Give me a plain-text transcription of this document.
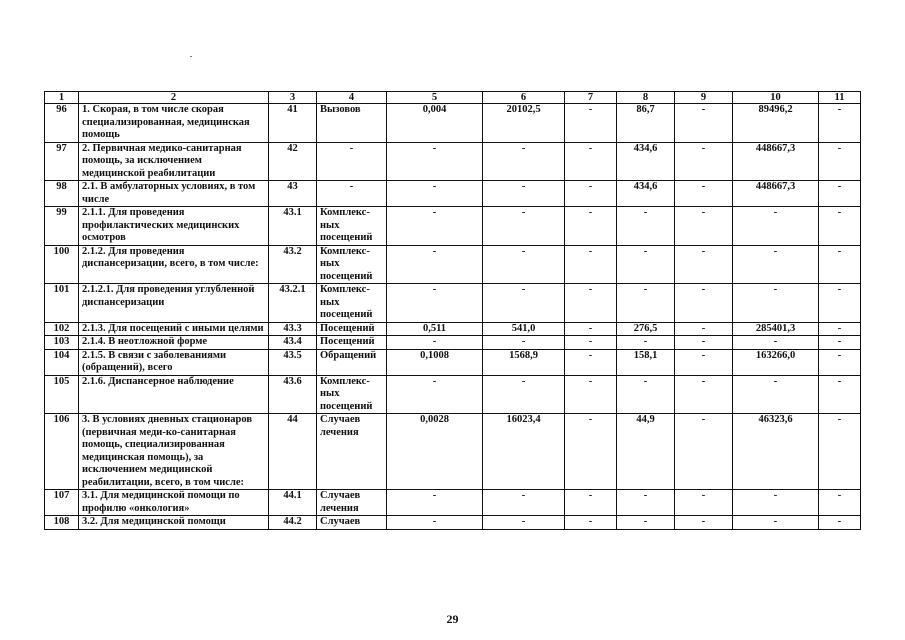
1	2	3	4	5	6	7	8	9	10	11
96	1. Скорая, в том числе скорая специализированная, медицинская помощь	41	Вызовов	0,004	20102,5	-	86,7	-	89496,2	-
97	2. Первичная медико-санитарная помощь, за исключением медицинской реабилитации	42	-	-	-	-	434,6	-	448667,3	-
98	2.1. В амбулаторных условиях, в том числе	43	-	-	-	-	434,6	-	448667,3	-
99	2.1.1. Для проведения профилактических медицинских осмотров	43.1	Комплекс-ных посещений	-	-	-	-	-	-	-
100	2.1.2. Для проведения диспансеризации, всего, в том числе:	43.2	Комплекс-ных посещений	-	-	-	-	-	-	-
101	2.1.2.1. Для проведения углубленной диспансеризации	43.2.1	Комплекс-ных посещений	-	-	-	-	-	-	-
102	2.1.3. Для посещений с иными целями	43.3	Посещений	0,511	541,0	-	276,5	-	285401,3	-
103	2.1.4. В неотложной форме	43.4	Посещений	-	-	-	-	-	-	-
104	2.1.5. В связи с заболеваниями (обращений), всего	43.5	Обращений	0,1008	1568,9	-	158,1	-	163266,0	-
105	2.1.6. Диспансерное наблюдение	43.6	Комплекс-ных посещений	-	-	-	-	-	-	-
106	3. В условиях дневных стационаров (первичная меди-ко-санитарная помощь, специализированная медицинская помощь), за исключением медицинской реабилитации, всего, в том числе:	44	Случаев лечения	0,0028	16023,4	-	44,9	-	46323,6	-
107	3.1. Для медицинской помощи по профилю «онкология»	44.1	Случаев лечения	-	-	-	-	-	-	-
108	3.2. Для медицинской помощи	44.2	Случаев	-	-	-	-	-	-	-
29
